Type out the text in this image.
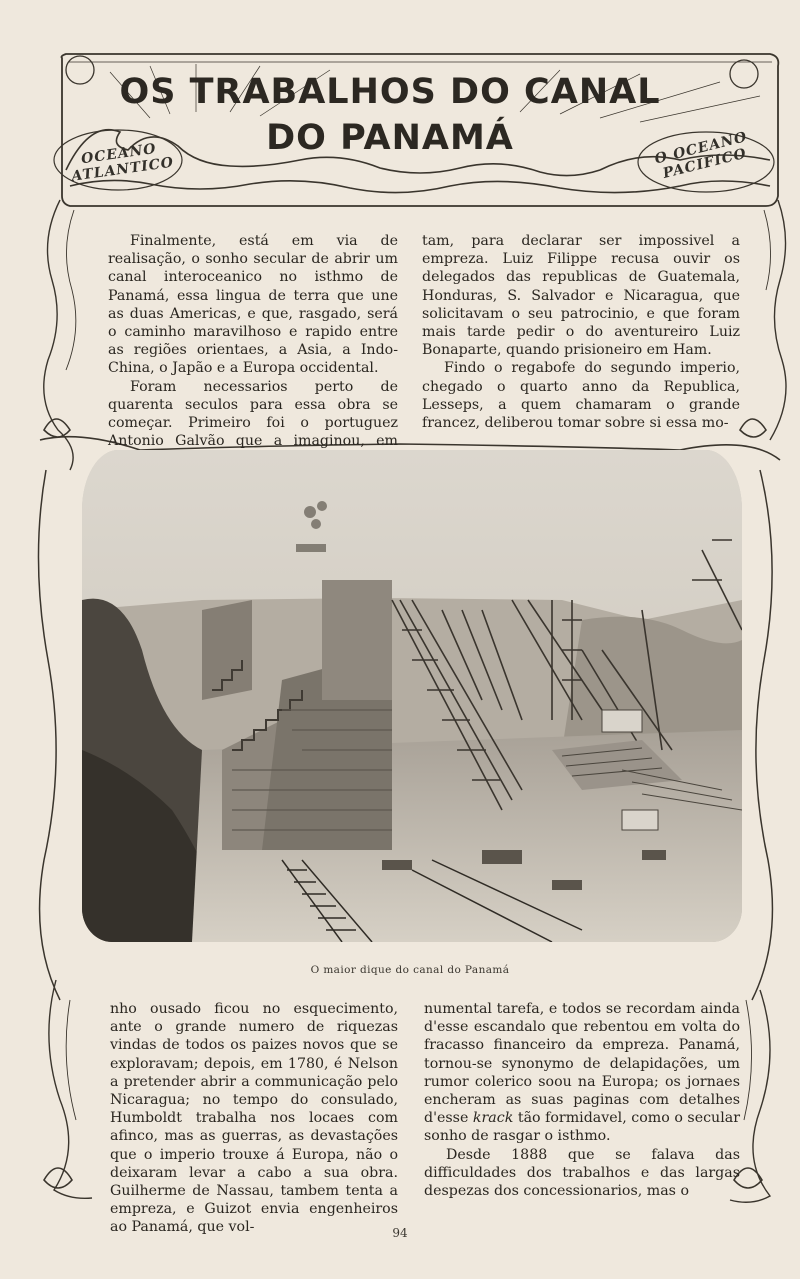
OS TRABALHOS DO CANAL
DO PANAMÁ
OCEANO ATLANTICO
O OCEANO PACIFICO

Finalmente, está em via de realisação, o sonho secular de abrir um canal interoceanico no isthmo de Panamá, essa lingua de terra que une as duas Americas, e que, rasgado, será o caminho maravilhoso e rapido entre as regiões orientaes, a Asia, a Indo-China, o Japão e a Europa occidental.

Foram necessarios perto de quarenta seculos para essa obra se começar. Primeiro foi o portuguez Antonio Galvão que a imaginou, em

tam, para declarar ser impossivel a empreza. Luiz Filippe recusa ouvir os delegados das republicas de Guatemala, Honduras, S. Salvador e Nicaragua, que solicitavam o seu patrocinio, e que foram mais tarde pedir o do aventureiro Luiz Bonaparte, quando prisioneiro em Ham.

Findo o regabofe do segundo imperio, chegado o quarto anno da Republica, Lesseps, a quem chamaram o grande francez, deliberou tomar sobre si essa mo-

O maior dique do canal do Panamá

nho ousado ficou no esquecimento, ante o grande numero de riquezas vindas de todos os paizes novos que se exploravam; depois, em 1780, é Nelson a pretender abrir a communicação pelo Nicaragua; no tempo do consulado, Humboldt trabalha nos locaes com afinco, mas as guerras, as devastações que o imperio trouxe á Europa, não o deixaram levar a cabo a sua obra. Guilherme de Nassau, tambem tenta a empreza, e Guizot envia engenheiros ao Panamá, que vol-

numental tarefa, e todos se recordam ainda d'esse escandalo que rebentou em volta do fracasso financeiro da empreza. Panamá, tornou-se synonymo de delapidações, um rumor colerico soou na Europa; os jornaes encheram as suas paginas com detalhes d'esse krack tão formidavel, como o secular sonho de rasgar o isthmo.

Desde 1888 que se falava das difficuldades dos trabalhos e das largas despezas dos concessionarios, mas o

94
